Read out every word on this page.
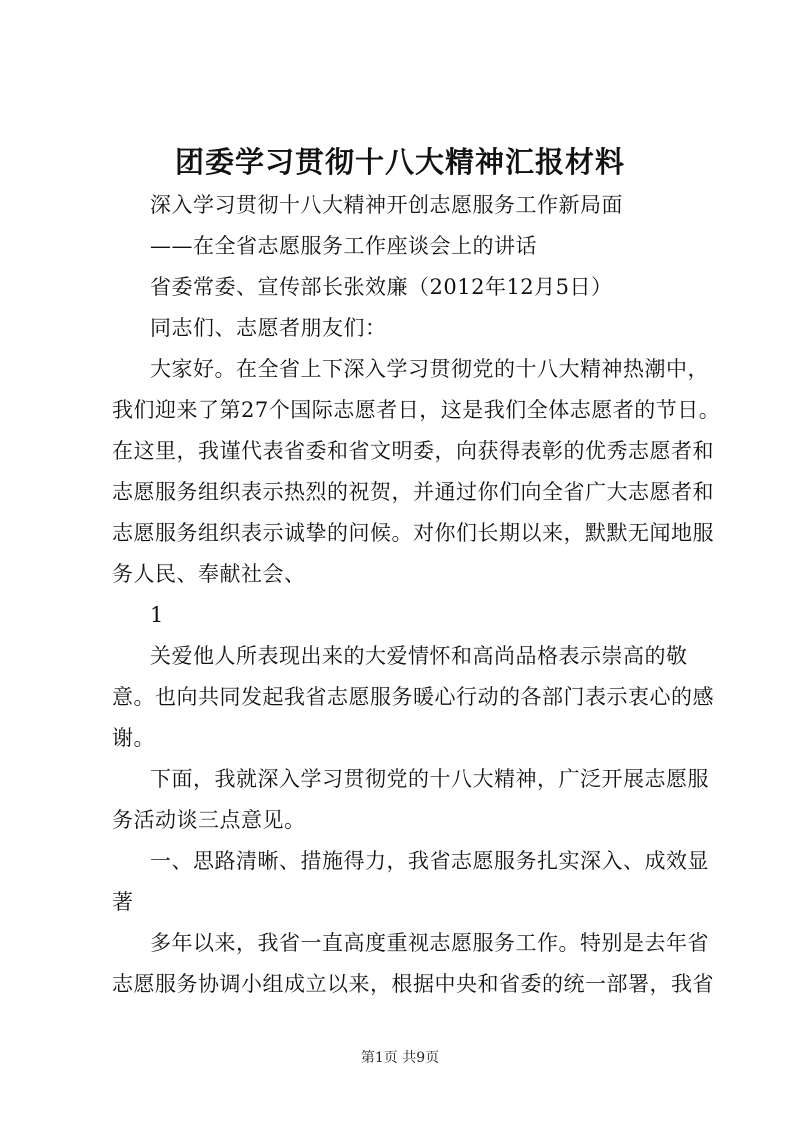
团委学习贯彻十八大精神汇报材料
深入学习贯彻十八大精神开创志愿服务工作新局面
——在全省志愿服务工作座谈会上的讲话
省委常委、宣传部长张效廉（2012年12月5日）
同志们、志愿者朋友们：
大家好。在全省上下深入学习贯彻党的十八大精神热潮中，
我们迎来了第27个国际志愿者日，这是我们全体志愿者的节日。
在这里，我谨代表省委和省文明委，向获得表彰的优秀志愿者和
志愿服务组织表示热烈的祝贺，并通过你们向全省广大志愿者和
志愿服务组织表示诚挚的问候。对你们长期以来，默默无闻地服
务人民、奉献社会、
1
关爱他人所表现出来的大爱情怀和高尚品格表示崇高的敬
意。也向共同发起我省志愿服务暖心行动的各部门表示衷心的感
谢。
下面，我就深入学习贯彻党的十八大精神，广泛开展志愿服
务活动谈三点意见。
一、思路清晰、措施得力，我省志愿服务扎实深入、成效显
著
多年以来，我省一直高度重视志愿服务工作。特别是去年省
志愿服务协调小组成立以来，根据中央和省委的统一部署，我省
第1页 共9页
